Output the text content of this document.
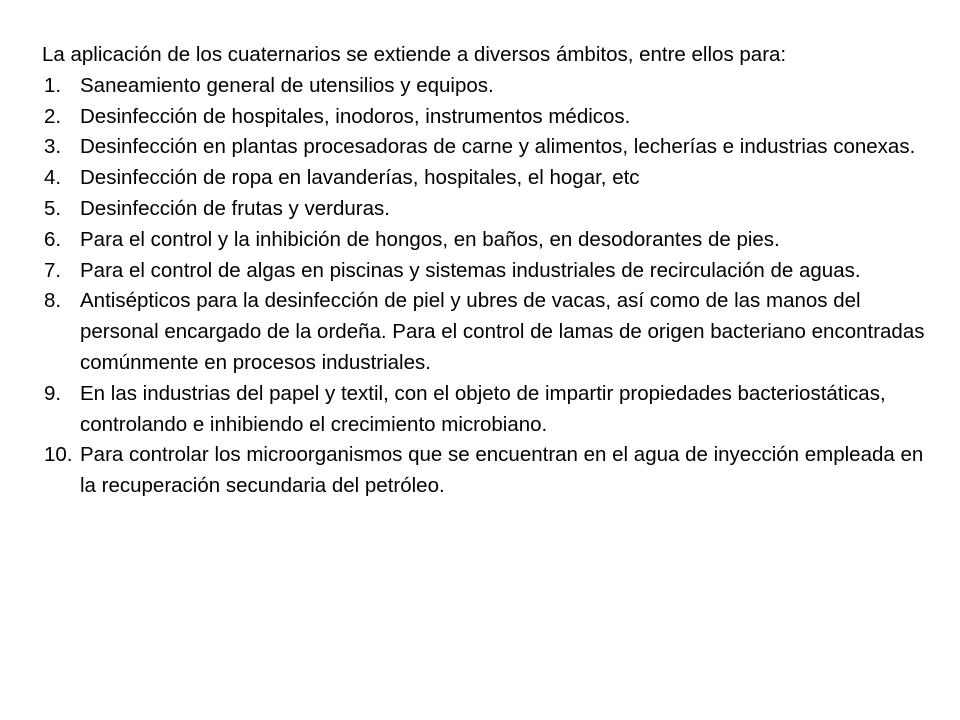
La aplicación de los cuaternarios se extiende a diversos ámbitos, entre ellos para:

1. Saneamiento general de utensilios y equipos.
2. Desinfección de hospitales, inodoros, instrumentos médicos.
3. Desinfección en plantas procesadoras de carne y alimentos, lecherías e industrias conexas.
4. Desinfección de ropa en lavanderías, hospitales, el hogar, etc
5. Desinfección de frutas y verduras.
6. Para el control y la inhibición de hongos, en baños, en desodorantes de pies.
7. Para el control de algas en piscinas y sistemas industriales de recirculación de aguas.
8. Antisépticos para la desinfección de piel y ubres de vacas, así como de las manos del personal encargado de la ordeña. Para el control de lamas de origen bacteriano encontradas comúnmente en procesos industriales.
9. En las industrias del papel y textil, con el objeto de impartir propiedades bacteriostáticas, controlando e inhibiendo el crecimiento microbiano.
10. Para controlar los microorganismos que se encuentran en el agua de inyección empleada en la recuperación secundaria del petróleo.
